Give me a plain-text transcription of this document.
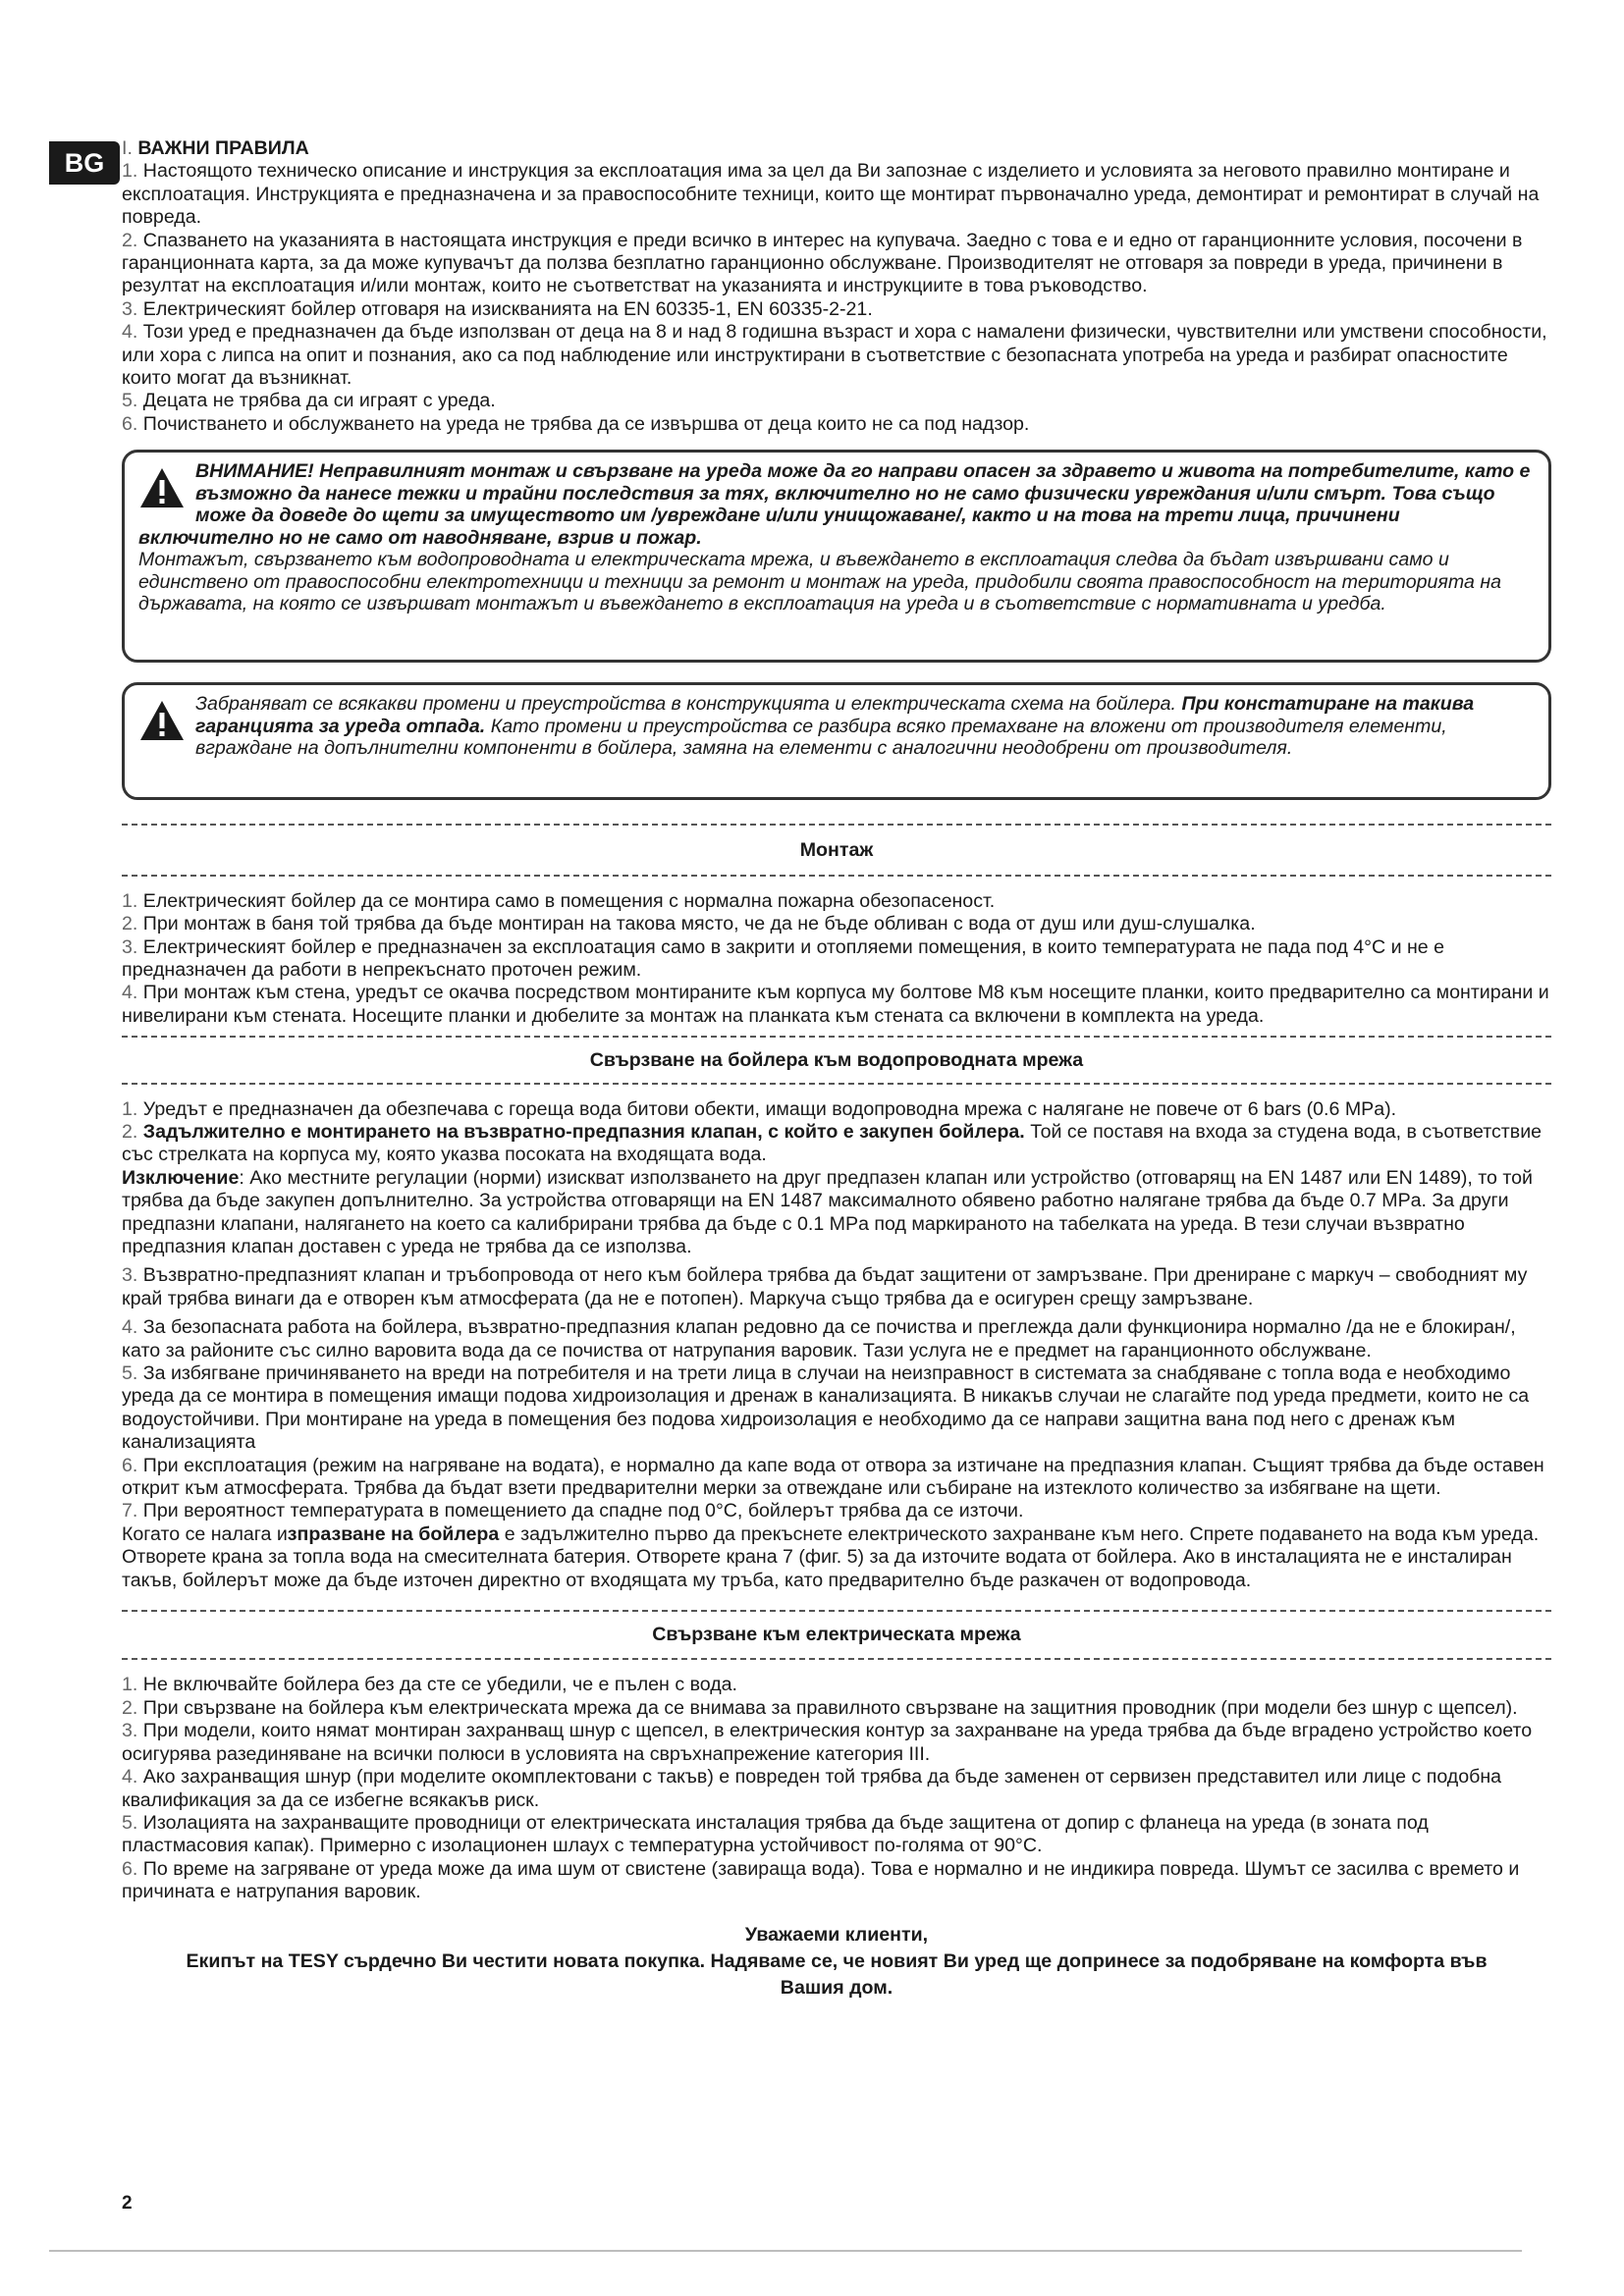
BG I. ВАЖНИ ПРАВИЛА

1. Настоящото техническо описание и инструкция за експлоатация има за цел да Ви запознае с изделието и условията за неговото правилно монтиране и експлоатация. Инструкцията е предназначена и за правоспособните техници, които ще монтират първоначално уреда, демонтират и ремонтират в случай на повреда.

2. Спазването на указанията в настоящата инструкция е преди всичко в интерес на купувача. Заедно с това е и едно от гаранционните условия, посочени в гаранционната карта, за да може купувачът да ползва безплатно гаранционно обслужване. Производителят не отговаря за повреди в уреда, причинени в резултат на експлоатация и/или монтаж, които не съответстват на указанията и инструкциите в това ръководство.

3. Електрическият бойлер отговаря на изискванията на EN 60335-1, EN 60335-2-21.

4. Този уред е предназначен да бъде използван от деца на 8 и над 8 годишна възраст и хора с намалени физически, чувствителни или умствени способности, или хора с липса на опит и познания, ако са под наблюдение или инструктирани в съответствие с безопасната употреба на уреда и разбират опасностите които могат да възникнат.

5. Децата не трябва да си играят с уреда.

6. Почистването и обслужването на уреда не трябва да се извършва от деца които не са под надзор.

ВНИМАНИЕ! Неправилният монтаж и свързване на уреда може да го направи опасен за здравето и живота на потребителите, като е възможно да нанесе тежки и трайни последствия за тях, включително но не само физически увреждания и/или смърт. Това също може да доведе до щети за имуществото им /увреждане и/или унищожаване/, както и на това на трети лица, причинени включително но не само от наводняване, взрив и пожар.
Монтажът, свързването към водопроводната и електрическата мрежа, и въвеждането в експлоатация следва да бъдат извършвани само и единствено от правоспособни електротехници и техници за ремонт и монтаж на уреда, придобили своята правоспособност на територията на държавата, на която се извършват монтажът и въвеждането в експлоатация на уреда и в съответствие с нормативната и уредба.
Забраняват се всякакви промени и преустройства в конструкцията и електрическата схема на бойлера. При констатиране на такива гаранцията за уреда отпада. Като промени и преустройства се разбира всяко премахване на вложени от производителя елементи, вграждане на допълнителни компоненти в бойлера, замяна на елементи с аналогични неодобрени от производителя.

Монтаж

1. Електрическият бойлер да се монтира само в помещения с нормална пожарна обезопасеност.

2. При монтаж в баня той трябва да бъде монтиран на такова място, че да не бъде обливан с вода от душ или душ-слушалка.

3. Електрическият бойлер е предназначен за експлоатация само в закрити и отопляеми помещения, в които температурата не пада под 4°C и не е предназначен да работи в непрекъснато проточен режим.

4. При монтаж към стена, уредът се окачва посредством монтираните към корпуса му болтове М8 към носещите планки, които предварително са монтирани и нивелирани към стената. Носещите планки и дюбелите за монтаж на планката към стената са включени в комплекта на уреда.

Свързване на бойлера към водопроводната мрежа

1. Уредът е предназначен да обезпечава с гореща вода битови обекти, имащи водопроводна мрежа с налягане не повече от 6 bars (0.6 MPa).

2. Задължително е монтирането на възвратно-предпазния клапан, с който е закупен бойлера. Той се поставя на входа за студена вода, в съответствие със стрелката на корпуса му, която указва посоката на входящата вода.

Изключение: Ако местните регулации (норми) изискват използването на друг предпазен клапан или устройство (отговарящ на EN 1487 или EN 1489), то той трябва да бъде закупен допълнително. За устройства отговарящи на EN 1487 максималното обявено работно налягане трябва да бъде 0.7 MPa. За други предпазни клапани, налягането на което са калибрирани трябва да бъде с 0.1 MPa под маркираното на табелката на уреда. В тези случаи възвратно предпазния клапан доставен с уреда не трябва да се използва.

3. Възвратно-предпазният клапан и тръбопровода от него към бойлера трябва да бъдат защитени от замръзване. При дрениране с маркуч – свободният му край трябва винаги да е отворен към атмосферата (да не е потопен). Маркуча също трябва да е осигурен срещу замръзване.

4. За безопасната работа на бойлера, възвратно-предпазния клапан редовно да се почиства и преглежда дали функционира нормално /да не е блокиран/, като за районите със силно варовита вода да се почиства от натрупания варовик. Тази услуга не е предмет на гаранционното обслужване.

5. За избягване причиняването на вреди на потребителя и на трети лица в случаи на неизправност в системата за снабдяване с топла вода е необходимо уреда да се монтира в помещения имащи подова хидроизолация и дренаж в канализацията. В никакъв случаи не слагайте под уреда предмети, които не са водоустойчиви. При монтиране на уреда в помещения без подова хидроизолация е необходимо да се направи защитна вана под него с дренаж към канализацията

6. При експлоатация (режим на нагряване на водата), е нормално да капе вода от отвора за изтичане на предпазния клапан. Същият трябва да бъде оставен открит към атмосферата. Трябва да бъдат взети предварителни мерки за отвеждане или събиране на изтеклото количество за избягване на щети.

7. При вероятност температурата в помещението да спадне под 0°C, бойлерът трябва да се източи.

Когато се налага изпразване на бойлера е задължително първо да прекъснете електрическото захранване към него. Спрете подаването на вода към уреда. Отворете крана за топла вода на смесителната батерия. Отворете крана 7 (фиг. 5) за да източите водата от бойлера. Ако в инсталацията не е инсталиран такъв, бойлерът може да бъде източен директно от входящата му тръба, като предварително бъде разкачен от водопровода.

Свързване към електрическата мрежа

1. Не включвайте бойлера без да сте се убедили, че е пълен с вода.

2. При свързване на бойлера към електрическата мрежа да се внимава за правилното свързване на защитния проводник (при модели без шнур с щепсел).

3. При модели, които нямат монтиран захранващ шнур с щепсел, в електрическия контур за захранване на уреда трябва да бъде вградено устройство което осигурява разединяване на всички полюси в условията на свръхнапрежение категория III.

4. Ако захранващия шнур (при моделите окомплектовани с такъв) е повреден той трябва да бъде заменен от сервизен представител или лице с подобна квалификация за да се избегне всякакъв риск.

5. Изолацията на захранващите проводници от електрическата инсталация трябва да бъде защитена от допир с фланеца на уреда (в зоната под пластмасовия капак). Примерно с изолационен шлаух с температурна устойчивост по-голяма от 90°C.

6. По време на загряване от уреда може да има шум от свистене (завираща вода). Това е нормално и не индикира повреда. Шумът се засилва с времето и причината е натрупания варовик.

Уважаеми клиенти,
Екипът на TESY сърдечно Ви честити новата покупка. Надяваме се, че новият Ви уред ще допринесе за подобряване на комфорта във
Вашия дом.
2
